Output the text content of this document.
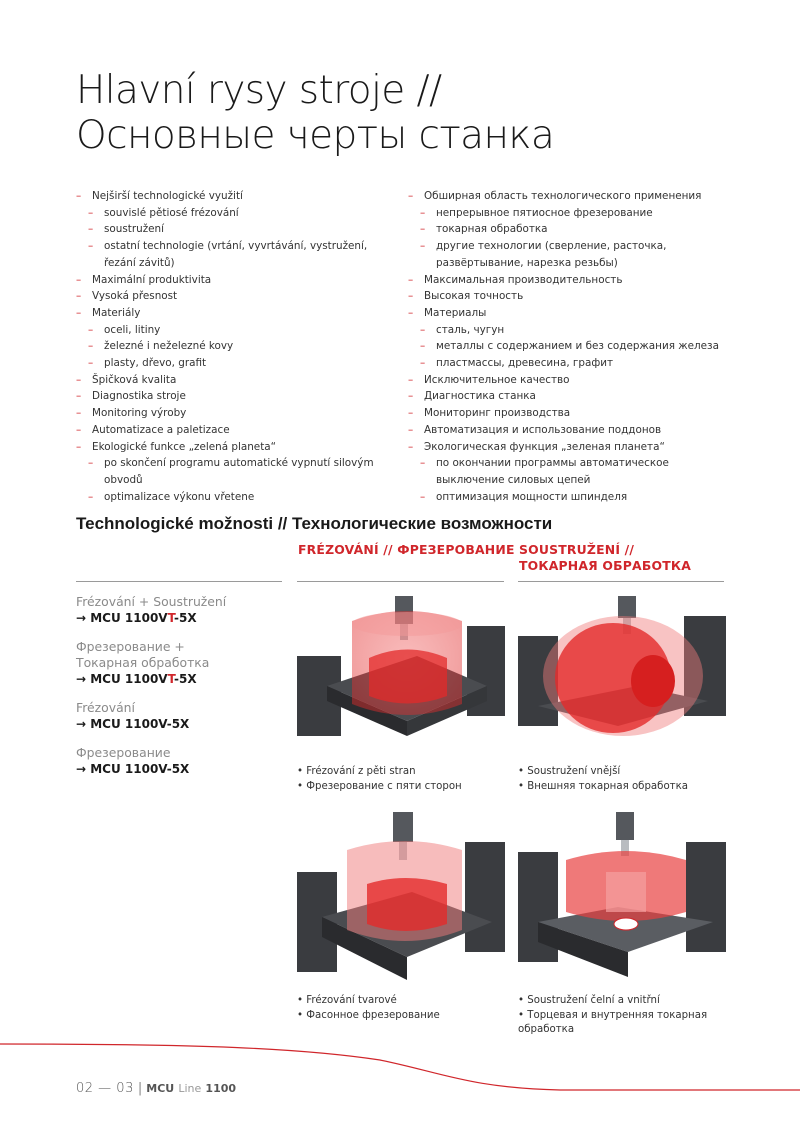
Hlavní rysy stroje //
Основные черты станка
– Nejširší technologické využití
– souvislé pětiosé frézování
– soustružení
– ostatní technologie (vrtání, vyvrtávání, vystružení, řezání závitů)
– Maximální produktivita
– Vysoká přesnost
– Materiály
– oceli, litiny
– železné i neželezné kovy
– plasty, dřevo, grafit
– Špičková kvalita
– Diagnostika stroje
– Monitoring výroby
– Automatizace a paletizace
– Ekologické funkce „zelená planeta“
– po skončení programu automatické vypnutí silovým obvodů
– optimalizace výkonu vřetene
– Обширная область технологического применения
– непрерывное пятиосное фрезерование
– токарная обработка
– другие технологии (сверление, расточка, развёртывание, нарезка резьбы)
– Максимальная производительность
– Высокая точность
– Материалы
– сталь, чугун
– металлы с содержанием и без содержания железа
– пластмассы, древесина, графит
– Исключительное качество
– Диагностика станка
– Мониторинг производства
– Автоматизация и использование поддонов
– Экологическая функция „зеленая планета“
– по окончании программы автоматическое выключение силовых цепей
– оптимизация мощности шпинделя
Technologické možnosti // Технологические возможности
FRÉZOVÁNÍ // ФРЕЗЕРОВАНИЕ SOUSTRUŽENÍ //
ТОКАРНАЯ ОБРАБОТКА
Frézování + Soustružení
→ MCU 1100VT-5X
Фрезерование +
Токарная обработка
→ MCU 1100VT-5X
Frézování
→ MCU 1100V-5X
Фрезерование
→ MCU 1100V-5X	• Frézování z pěti stran
• Фрезерование с пяти сторон
• Soustružení vnější
• Внешняя токарная обработка
• Frézování tvarové
• Фасонное фрезерование
• Soustružení čelní a vnitřní
• Торцевая и внутренняя токарная
обработка
02 — 03 | MCU Line 1100
